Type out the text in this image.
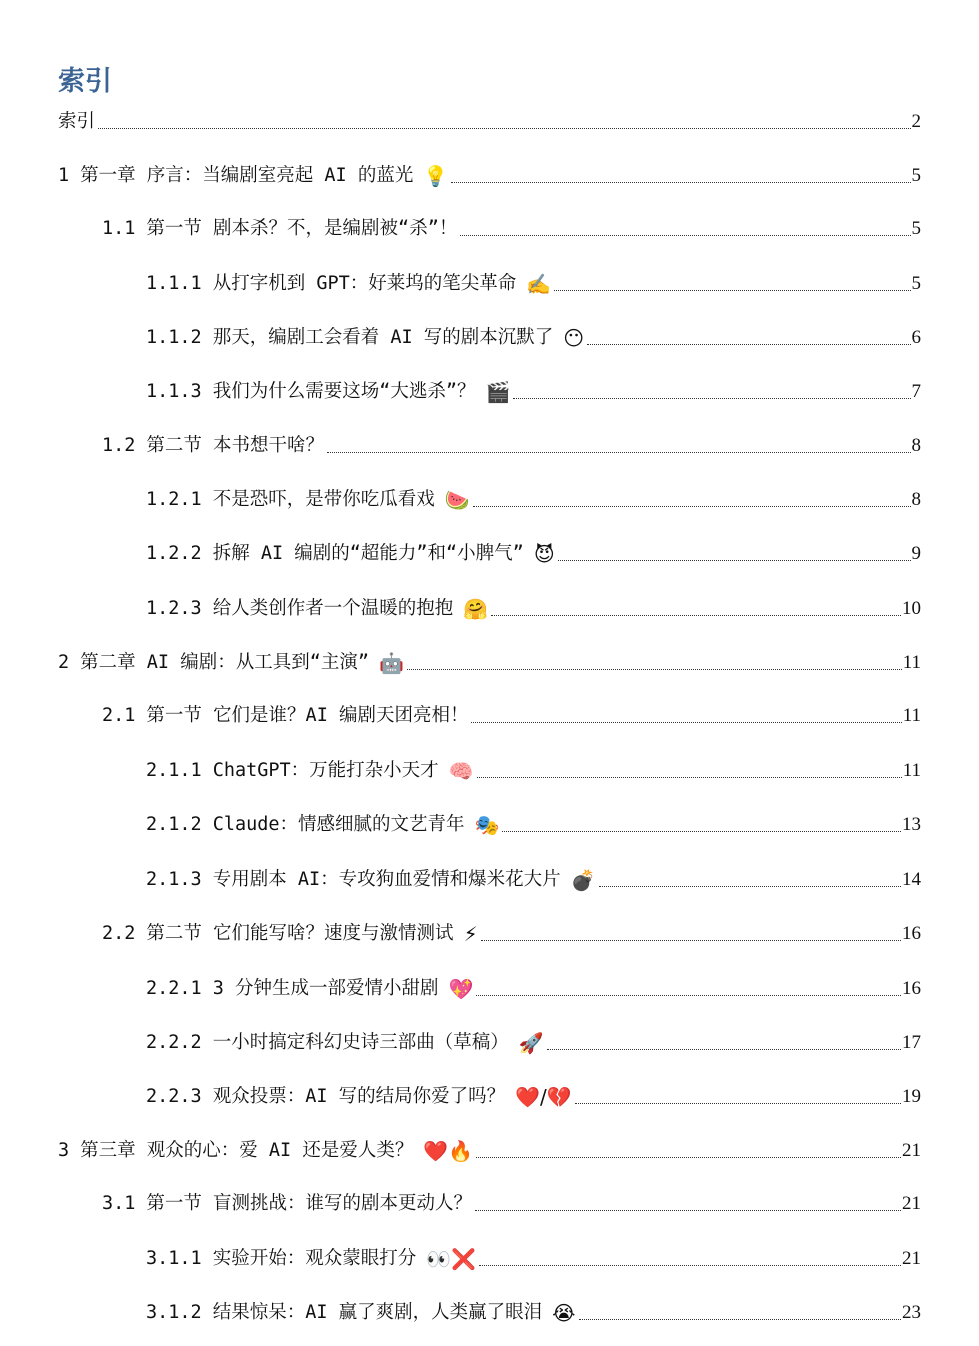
索引
索引	2
1 第一章 序言：当编剧室亮起 AI 的蓝光 💡	5
1.1 第一节 剧本杀？不，是编剧被“杀”！	5
1.1.1 从打字机到 GPT：好莱坞的笔尖革命 ✍️	5
1.1.2 那天，编剧工会看着 AI 写的剧本沉默了 😶	6
1.1.3 我们为什么需要这场“大逃杀”？ 🎬	7
1.2 第二节 本书想干啥？	8
1.2.1 不是恐吓，是带你吃瓜看戏 🍉	8
1.2.2 拆解 AI 编剧的“超能力”和“小脾气” 😈	9
1.2.3 给人类创作者一个温暖的抱抱 🤗	10
2 第二章 AI 编剧：从工具到“主演” 🤖	11
2.1 第一节 它们是谁？AI 编剧天团亮相！	11
2.1.1 ChatGPT：万能打杂小天才 🧠	11
2.1.2 Claude：情感细腻的文艺青年 🎭	13
2.1.3 专用剧本 AI：专攻狗血爱情和爆米花大片 💣	14
2.2 第二节 它们能写啥？速度与激情测试 ⚡	16
2.2.1 3 分钟生成一部爱情小甜剧 💖	16
2.2.2 一小时搞定科幻史诗三部曲（草稿） 🚀	17
2.2.3 观众投票：AI 写的结局你爱了吗？ ❤️/💔	19
3 第三章 观众的心：爱 AI 还是爱人类？ ❤️🔥	21
3.1 第一节 盲测挑战：谁写的剧本更动人？	21
3.1.1 实验开始：观众蒙眼打分 👀❌	21
3.1.2 结果惊呆：AI 赢了爽剧，人类赢了眼泪 😭	23
